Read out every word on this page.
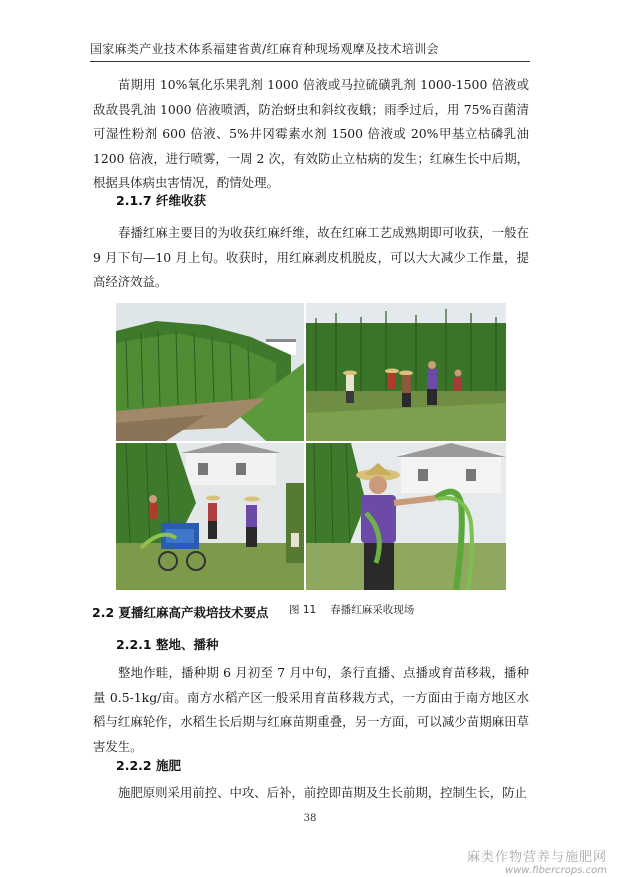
国家麻类产业技术体系福建省黄/红麻育种现场观摩及技术培训会
苗期用 10%氧化乐果乳剂 1000 倍液或马拉硫磺乳剂 1000-1500 倍液或敌敌畏乳油 1000 倍液喷洒，防治蚜虫和斜纹夜蛾；雨季过后，用 75%百菌清可湿性粉剂 600 倍液、5%井冈霉素水剂 1500 倍液或 20%甲基立枯磷乳油 1200 倍液，进行喷雾，一周 2 次，有效防止立枯病的发生；红麻生长中后期，根据具体病虫害情况，酌情处理。
2.1.7 纤维收获
春播红麻主要目的为收获红麻纤维，故在红麻工艺成熟期即可收获，一般在 9 月下旬—10 月上旬。收获时，用红麻剥皮机脱皮，可以大大减少工作量，提高经济效益。
2.2 夏播红麻高产栽培技术要点 图 11 春播红麻采收现场
2.2.1 整地、播种
整地作畦，播种期 6 月初至 7 月中旬，条行直播、点播或育苗移栽，播种量 0.5-1kg/亩。南方水稻产区一般采用育苗移栽方式，一方面由于南方地区水稻与红麻轮作，水稻生长后期与红麻苗期重叠，另一方面，可以减少苗期麻田草害发生。
2.2.2 施肥
施肥原则采用前控、中攻、后补，前控即苗期及生长前期，控制生长，防止
38
麻类作物营养与施肥网
www.fibercrops.com
